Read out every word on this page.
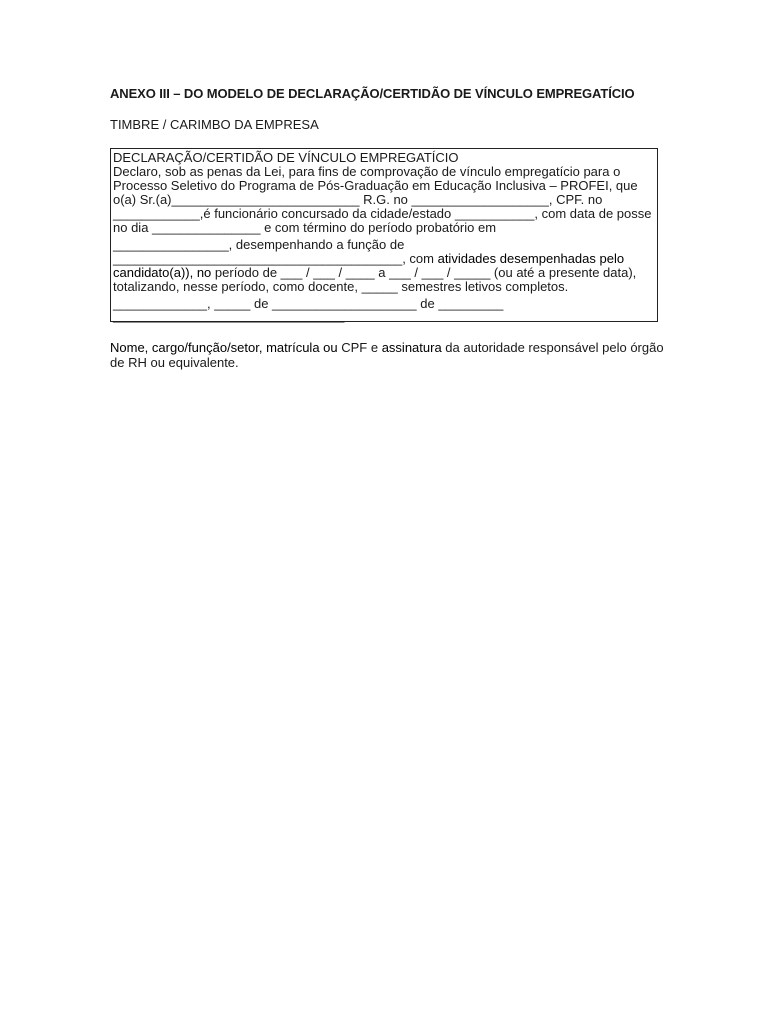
ANEXO III – DO MODELO DE DECLARAÇÃO/CERTIDÃO DE VÍNCULO EMPREGATÍCIO
TIMBRE / CARIMBO DA EMPRESA
DECLARAÇÃO/CERTIDÃO DE VÍNCULO EMPREGATÍCIO
Declaro, sob as penas da Lei, para fins de comprovação de vínculo empregatício para o
Processo Seletivo do Programa de Pós-Graduação em Educação Inclusiva – PROFEI, que
o(a) Sr.(a)__________________________ R.G. no ___________________, CPF. no
____________,é funcionário concursado da cidade/estado ___________, com data de posse
no dia _______________ e com término do período probatório em
________________, desempenhando a função de
________________________________________, com atividades desempenhadas pelo
candidato(a)), no período de ___ / ___ / ____ a ___ / ___ / _____ (ou até a presente data),
totalizando, nesse período, como docente, _____ semestres letivos completos.
_____________, _____ de ____________________ de _________
________________________________
Nome, cargo/função/setor, matrícula ou CPF e assinatura da autoridade responsável pelo órgão de RH ou equivalente.
